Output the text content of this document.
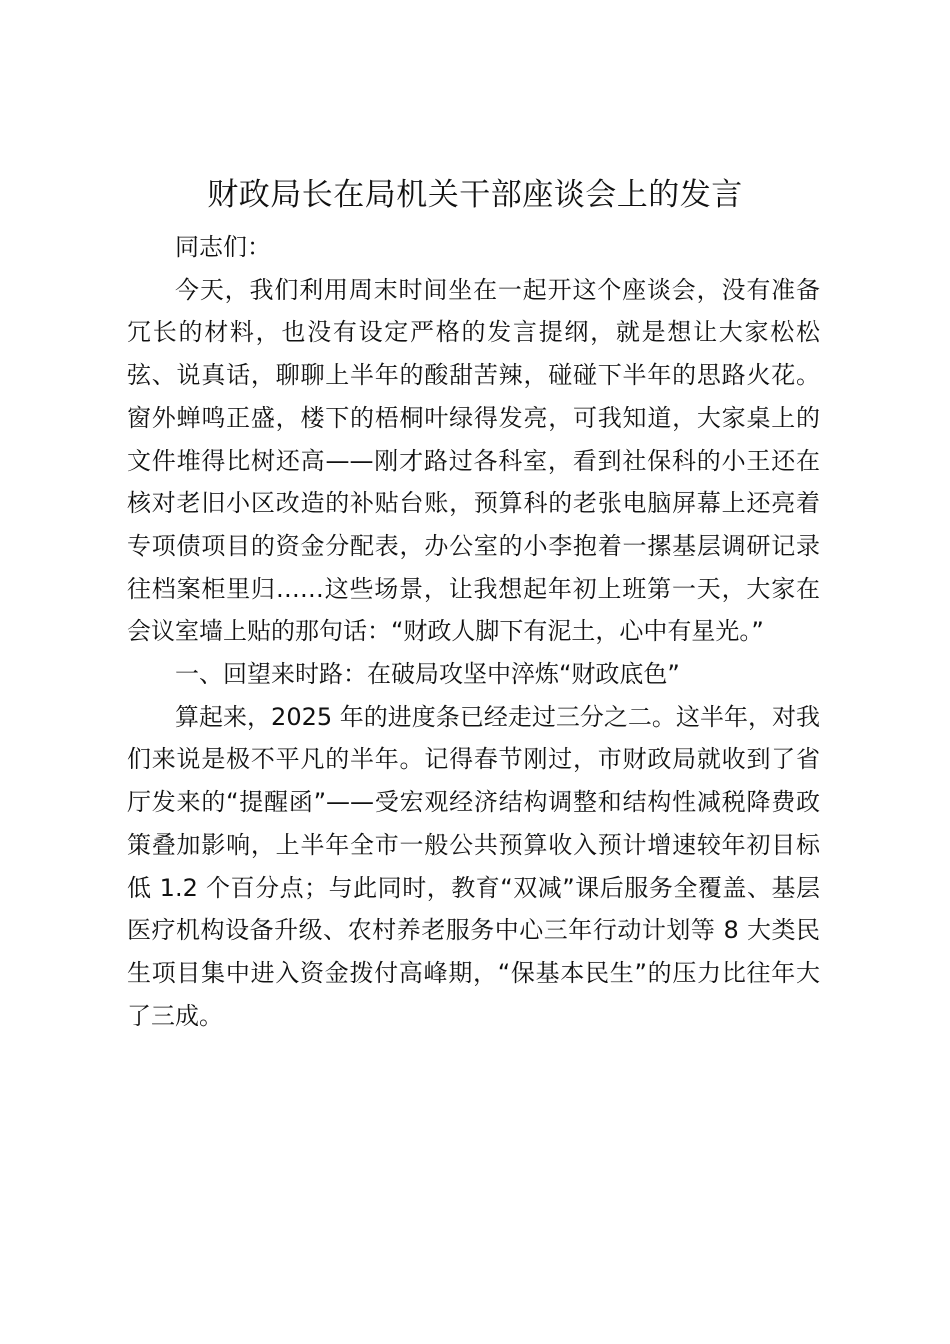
财政局长在局机关干部座谈会上的发言

同志们：

今天，我们利用周末时间坐在一起开这个座谈会，没有准备冗长的材料，也没有设定严格的发言提纲，就是想让大家松松弦、说真话，聊聊上半年的酸甜苦辣，碰碰下半年的思路火花。窗外蝉鸣正盛，楼下的梧桐叶绿得发亮，可我知道，大家桌上的文件堆得比树还高——刚才路过各科室，看到社保科的小王还在核对老旧小区改造的补贴台账，预算科的老张电脑屏幕上还亮着专项债项目的资金分配表，办公室的小李抱着一摞基层调研记录往档案柜里归……这些场景，让我想起年初上班第一天，大家在会议室墙上贴的那句话：“财政人脚下有泥土，心中有星光。”

一、回望来时路：在破局攻坚中淬炼“财政底色”

算起来，2025 年的进度条已经走过三分之二。这半年，对我们来说是极不平凡的半年。记得春节刚过，市财政局就收到了省厅发来的“提醒函”——受宏观经济结构调整和结构性减税降费政策叠加影响，上半年全市一般公共预算收入预计增速较年初目标低 1.2 个百分点；与此同时，教育“双减”课后服务全覆盖、基层医疗机构设备升级、农村养老服务中心三年行动计划等 8 大类民生项目集中进入资金拨付高峰期，“保基本民生”的压力比往年大了三成。
